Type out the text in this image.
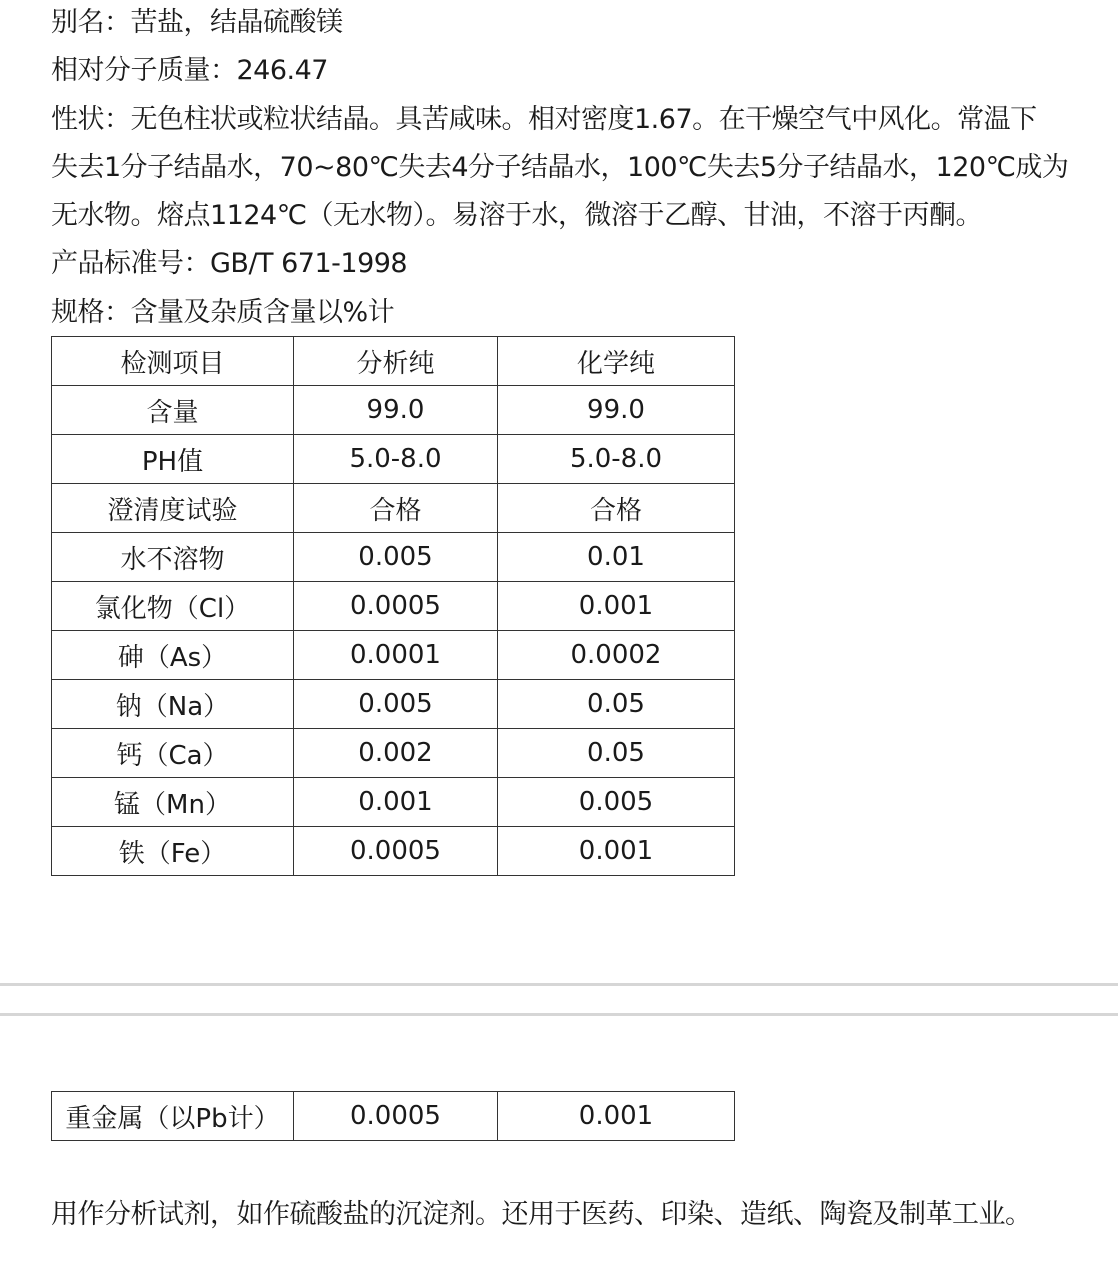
别名：苦盐，结晶硫酸镁
相对分子质量：246.47
性状：无色柱状或粒状结晶。具苦咸味。相对密度1.67。在干燥空气中风化。常温下
失去1分子结晶水，70~80℃失去4分子结晶水，100℃失去5分子结晶水，120℃成为
无水物。熔点1124℃（无水物）。易溶于水，微溶于乙醇、甘油，不溶于丙酮。
产品标准号：GB/T 671-1998
规格：含量及杂质含量以%计
检测项目	分析纯	化学纯
含量	99.0	99.0
PH值	5.0-8.0	5.0-8.0
澄清度试验	合格	合格
水不溶物	0.005	0.01
氯化物（Cl）	0.0005	0.001
砷（As）	0.0001	0.0002
钠（Na）	0.005	0.05
钙（Ca）	0.002	0.05
锰（Mn）	0.001	0.005
铁（Fe）	0.0005	0.001
重金属（以Pb计）	0.0005	0.001
用作分析试剂，如作硫酸盐的沉淀剂。还用于医药、印染、造纸、陶瓷及制革工业。
